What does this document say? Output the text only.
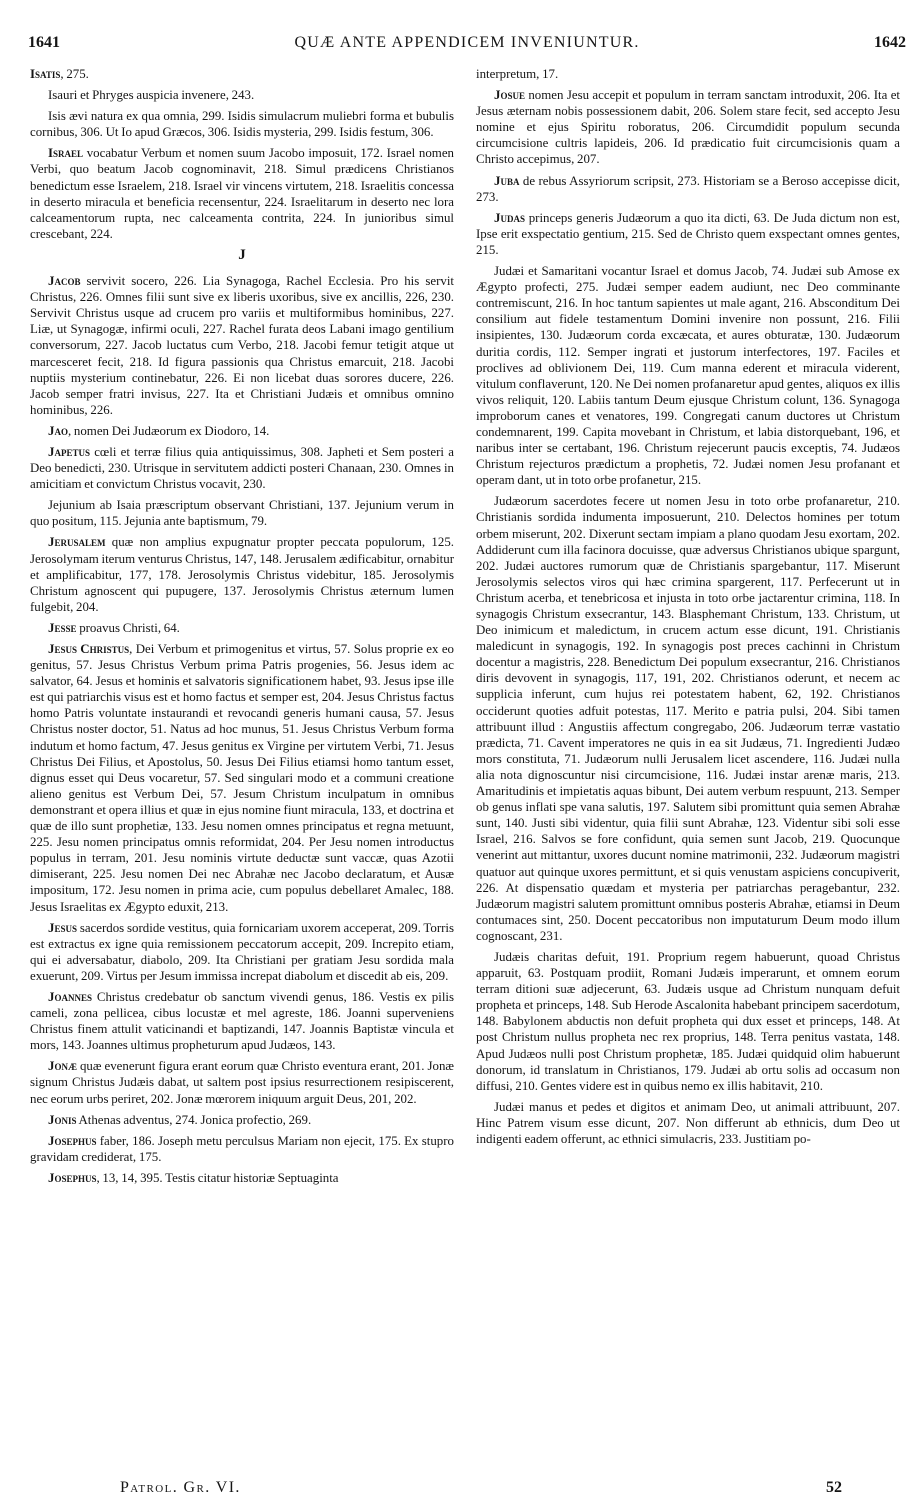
1641	QUÆ ANTE APPENDICEM INVENIUNTUR.	1642

Isatis, 275.

Isauri et Phryges auspicia invenere, 243.

Isis ævi natura ex qua omnia, 299. Isidis simulacrum muliebri forma et bubulis cornibus, 306. Ut Io apud Græcos, 306. Isidis mysteria, 299. Isidis festum, 306.

Israel vocabatur Verbum et nomen suum Jacobo imposuit, 172. Israel nomen Verbi, quo beatum Jacob cognominavit, 218. Simul prædicens Christianos benedictum esse Israelem, 218. Israel vir vincens virtutem, 218. Israelitis concessa in deserto miracula et beneficia recensentur, 224. Israelitarum in deserto nec lora calceamentorum rupta, nec calceamenta contrita, 224. In junioribus simul crescebant, 224.

J

Jacob servivit socero, 226. Lia Synagoga, Rachel Ecclesia. Pro his servit Christus, 226. Omnes filii sunt sive ex liberis uxoribus, sive ex ancillis, 226, 230. Servivit Christus usque ad crucem pro variis et multiformibus hominibus, 227. Liæ, ut Synagogæ, infirmi oculi, 227. Rachel furata deos Labani imago gentilium conversorum, 227. Jacob luctatus cum Verbo, 218. Jacobi femur tetigit atque ut marcesceret fecit, 218. Id figura passionis qua Christus emarcuit, 218. Jacobi nuptiis mysterium continebatur, 226. Ei non licebat duas sorores ducere, 226. Jacob semper fratri invisus, 227. Ita et Christiani Judæis et omnibus omnino hominibus, 226.

Jao, nomen Dei Judæorum ex Diodoro, 14.

Japetus cœli et terræ filius quia antiquissimus, 308. Japheti et Sem posteri a Deo benedicti, 230. Utrisque in servitutem addicti posteri Chanaan, 230. Omnes in amicitiam et convictum Christus vocavit, 230.

Jejunium ab Isaia præscriptum observant Christiani, 137. Jejunium verum in quo positum, 115. Jejunia ante baptismum, 79.

Jerusalem quæ non amplius expugnatur propter peccata populorum, 125. Jerosolymam iterum venturus Christus, 147, 148. Jerusalem ædificabitur, ornabitur et amplificabitur, 177, 178. Jerosolymis Christus videbitur, 185. Jerosolymis Christum agnoscent qui pupugere, 137. Jerosolymis Christus æternum lumen fulgebit, 204.

Jesse proavus Christi, 64.

Jesus Christus, Dei Verbum et primogenitus et virtus, 57. Solus proprie ex eo genitus, 57. Jesus Christus Verbum prima Patris progenies, 56. Jesus idem ac salvator, 64. Jesus et hominis et salvatoris significationem habet, 93. Jesus ipse ille est qui patriarchis visus est et homo factus et semper est, 204. Jesus Christus factus homo Patris voluntate instaurandi et revocandi generis humani causa, 57. Jesus Christus noster doctor, 51. Natus ad hoc munus, 51. Jesus Christus Verbum forma indutum et homo factum, 47. Jesus genitus ex Virgine per virtutem Verbi, 71. Jesus Christus Dei Filius, et Apostolus, 50. Jesus Dei Filius etiamsi homo tantum esset, dignus esset qui Deus vocaretur, 57. Sed singulari modo et a communi creatione alieno genitus est Verbum Dei, 57. Jesum Christum inculpatum in omnibus demonstrant et opera illius et quæ in ejus nomine fiunt miracula, 133, et doctrina et quæ de illo sunt prophetiæ, 133. Jesu nomen omnes principatus et regna metuunt, 225. Jesu nomen principatus omnis reformidat, 204. Per Jesu nomen introductus populus in terram, 201. Jesu nominis virtute deductæ sunt vaccæ, quas Azotii dimiserant, 225. Jesu nomen Dei nec Abrahæ nec Jacobo declaratum, et Ausæ impositum, 172. Jesu nomen in prima acie, cum populus debellaret Amalec, 188. Jesus Israelitas ex Ægypto eduxit, 213.

Jesus sacerdos sordide vestitus, quia fornicariam uxorem acceperat, 209. Torris est extractus ex igne quia remissionem peccatorum accepit, 209. Increpito etiam, qui ei adversabatur, diabolo, 209. Ita Christiani per gratiam Jesu sordida mala exuerunt, 209. Virtus per Jesum immissa increpat diabolum et discedit ab eis, 209.

Joannes Christus credebatur ob sanctum vivendi genus, 186. Vestis ex pilis cameli, zona pellicea, cibus locustæ et mel agreste, 186. Joanni superveniens Christus finem attulit vaticinandi et baptizandi, 147. Joannis Baptistæ vincula et mors, 143. Joannes ultimus propheturum apud Judæos, 143.

Jonæ quæ evenerunt figura erant eorum quæ Christo eventura erant, 201. Jonæ signum Christus Judæis dabat, ut saltem post ipsius resurrectionem resipiscerent, nec eorum urbs periret, 202. Jonæ mœrorem iniquum arguit Deus, 201, 202.

Jonis Athenas adventus, 274. Jonica profectio, 269.

Josephus faber, 186. Joseph metu perculsus Mariam non ejecit, 175. Ex stupro gravidam crediderat, 175.

Josephus, 13, 14, 395. Testis citatur historiæ Septuaginta

interpretum, 17.

Josue nomen Jesu accepit et populum in terram sanctam introduxit, 206. Ita et Jesus æternam nobis possessionem dabit, 206. Solem stare fecit, sed accepto Jesu nomine et ejus Spiritu roboratus, 206. Circumdidit populum secunda circumcisione cultris lapideis, 206. Id prædicatio fuit circumcisionis quam a Christo accepimus, 207.

Juba de rebus Assyriorum scripsit, 273. Historiam se a Beroso accepisse dicit, 273.

Judas princeps generis Judæorum a quo ita dicti, 63. De Juda dictum non est, Ipse erit exspectatio gentium, 215. Sed de Christo quem exspectant omnes gentes, 215.

Judæi et Samaritani vocantur Israel et domus Jacob, 74. Judæi sub Amose ex Ægypto profecti, 275. Judæi semper eadem audiunt, nec Deo comminante contremiscunt, 216. In hoc tantum sapientes ut male agant, 216. Absconditum Dei consilium aut fidele testamentum Domini invenire non possunt, 216. Filii insipientes, 130. Judæorum corda excæcata, et aures obturatæ, 130. Judæorum duritia cordis, 112. Semper ingrati et justorum interfectores, 197. Faciles et proclives ad oblivionem Dei, 119. Cum manna ederent et miracula viderent, vitulum conflaverunt, 120. Ne Dei nomen profanaretur apud gentes, aliquos ex illis vivos reliquit, 120. Labiis tantum Deum ejusque Christum colunt, 136. Synagoga improborum canes et venatores, 199. Congregati canum ductores ut Christum condemnarent, 199. Capita movebant in Christum, et labia distorquebant, 196, et naribus inter se certabant, 196. Christum rejecerunt paucis exceptis, 74. Judæos Christum rejecturos prædictum a prophetis, 72. Judæi nomen Jesu profanant et operam dant, ut in toto orbe profanetur, 215.

Judæorum sacerdotes fecere ut nomen Jesu in toto orbe profanaretur, 210. Christianis sordida indumenta imposuerunt, 210. Delectos homines per totum orbem miserunt, 202. Dixerunt sectam impiam a plano quodam Jesu exortam, 202. Addiderunt cum illa facinora docuisse, quæ adversus Christianos ubique spargunt, 202. Judæi auctores rumorum quæ de Christianis spargebantur, 117. Miserunt Jerosolymis selectos viros qui hæc crimina spargerent, 117. Perfecerunt ut in Christum acerba, et tenebricosa et injusta in toto orbe jactarentur crimina, 118. In synagogis Christum exsecrantur, 143. Blasphemant Christum, 133. Christum, ut Deo inimicum et maledictum, in crucem actum esse dicunt, 191. Christianis maledicunt in synagogis, 192. In synagogis post preces cachinni in Christum docentur a magistris, 228. Benedictum Dei populum exsecrantur, 216. Christianos diris devovent in synagogis, 117, 191, 202. Christianos oderunt, et necem ac supplicia inferunt, cum hujus rei potestatem habent, 62, 192. Christianos occiderunt quoties adfuit potestas, 117. Merito e patria pulsi, 204. Sibi tamen attribuunt illud : Angustiis affectum congregabo, 206. Judæorum terræ vastatio prædicta, 71. Cavent imperatores ne quis in ea sit Judæus, 71. Ingredienti Judæo mors constituta, 71. Judæorum nulli Jerusalem licet ascendere, 116. Judæi nulla alia nota dignoscuntur nisi circumcisione, 116. Judæi instar arenæ maris, 213. Amaritudinis et impietatis aquas bibunt, Dei autem verbum respuunt, 213. Semper ob genus inflati spe vana salutis, 197. Salutem sibi promittunt quia semen Abrahæ sunt, 140. Justi sibi videntur, quia filii sunt Abrahæ, 123. Videntur sibi soli esse Israel, 216. Salvos se fore confidunt, quia semen sunt Jacob, 219. Quocunque venerint aut mittantur, uxores ducunt nomine matrimonii, 232. Judæorum magistri quatuor aut quinque uxores permittunt, et si quis venustam aspiciens concupiverit, 226. At dispensatio quædam et mysteria per patriarchas peragebantur, 232. Judæorum magistri salutem promittunt omnibus posteris Abrahæ, etiamsi in Deum contumaces sint, 250. Docent peccatoribus non imputaturum Deum modo illum cognoscant, 231.

Judæis charitas defuit, 191. Proprium regem habuerunt, quoad Christus apparuit, 63. Postquam prodiit, Romani Judæis imperarunt, et omnem eorum terram ditioni suæ adjecerunt, 63. Judæis usque ad Christum nunquam defuit propheta et princeps, 148. Sub Herode Ascalonita habebant principem sacerdotum, 148. Babylonem abductis non defuit propheta qui dux esset et princeps, 148. At post Christum nullus propheta nec rex proprius, 148. Terra penitus vastata, 148. Apud Judæos nulli post Christum prophetæ, 185. Judæi quidquid olim habuerunt donorum, id translatum in Christianos, 179. Judæi ab ortu solis ad occasum non diffusi, 210. Gentes videre est in quibus nemo ex illis habitavit, 210.

Judæi manus et pedes et digitos et animam Deo, ut animali attribuunt, 207. Hinc Patrem visum esse dicunt, 207. Non differunt ab ethnicis, dum Deo ut indigenti eadem offerunt, ac ethnici simulacris, 233. Justitiam po-

Patrol. Gr. VI.	52
